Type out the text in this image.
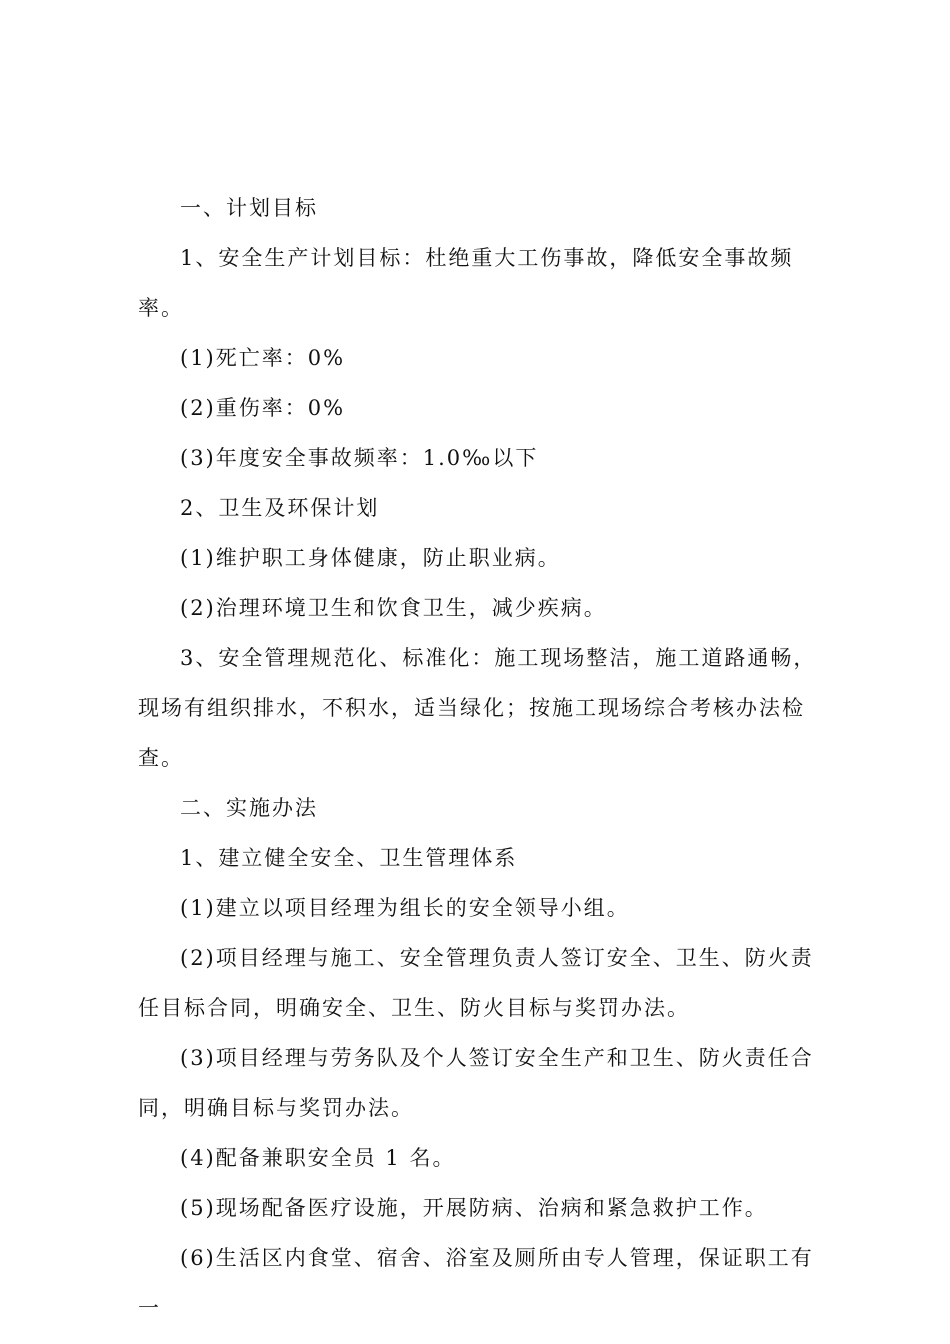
一、计划目标

1、安全生产计划目标：杜绝重大工伤事故，降低安全事故频率。

(1)死亡率：0%

(2)重伤率：0%

(3)年度安全事故频率：1.0‰以下

2、卫生及环保计划

(1)维护职工身体健康，防止职业病。

(2)治理环境卫生和饮食卫生，减少疾病。

3、安全管理规范化、标准化：施工现场整洁，施工道路通畅，现场有组织排水，不积水，适当绿化；按施工现场综合考核办法检查。

二、实施办法

1、建立健全安全、卫生管理体系

(1)建立以项目经理为组长的安全领导小组。

(2)项目经理与施工、安全管理负责人签订安全、卫生、防火责任目标合同，明确安全、卫生、防火目标与奖罚办法。

(3)项目经理与劳务队及个人签订安全生产和卫生、防火责任合同，明确目标与奖罚办法。

(4)配备兼职安全员 1 名。

(5)现场配备医疗设施，开展防病、治病和紧急救护工作。

(6)生活区内食堂、宿舍、浴室及厕所由专人管理，保证职工有一
